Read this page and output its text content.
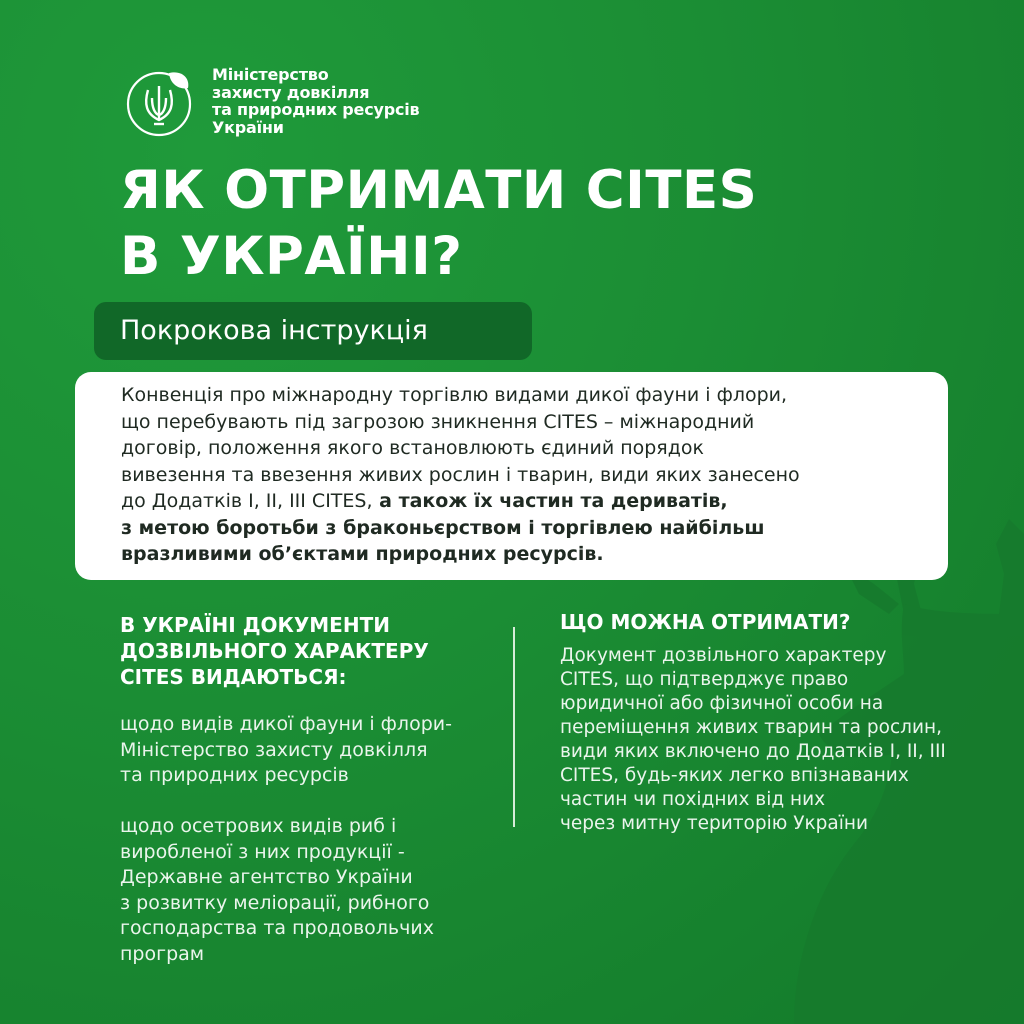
Міністерство
захисту довкілля
та природних ресурсів
України
ЯК ОТРИМАТИ CITES
В УКРАЇНІ?
Покрокова інструкція
Конвенція про міжнародну торгівлю видами дикої фауни і флори,
що перебувають під загрозою зникнення CITES – міжнародний
договір, положення якого встановлюють єдиний порядок
вивезення та ввезення живих рослин і тварин, види яких занесено
до Додатків I, II, III CITES, а також їх частин та дериватів,
з метою боротьби з браконьєрством і торгівлею найбільш
вразливими об’єктами природних ресурсів.
В УКРАЇНІ ДОКУМЕНТИ
ДОЗВІЛЬНОГО ХАРАКТЕРУ
CITES ВИДАЮТЬСЯ:
щодо видів дикої фауни і флори-
Міністерство захисту довкілля
та природних ресурсів
щодо осетрових видів риб і
виробленої з них продукції -
Державне агентство України
з розвитку меліорації, рибного
господарства та продовольчих
програм
ЩО МОЖНА ОТРИМАТИ?
Документ дозвільного характеру
CITES, що підтверджує право
юридичної або фізичної особи на
переміщення живих тварин та рослин,
види яких включено до Додатків I, II, III
CITES, будь-яких легко впізнаваних
частин чи похідних від них
через митну територію України
